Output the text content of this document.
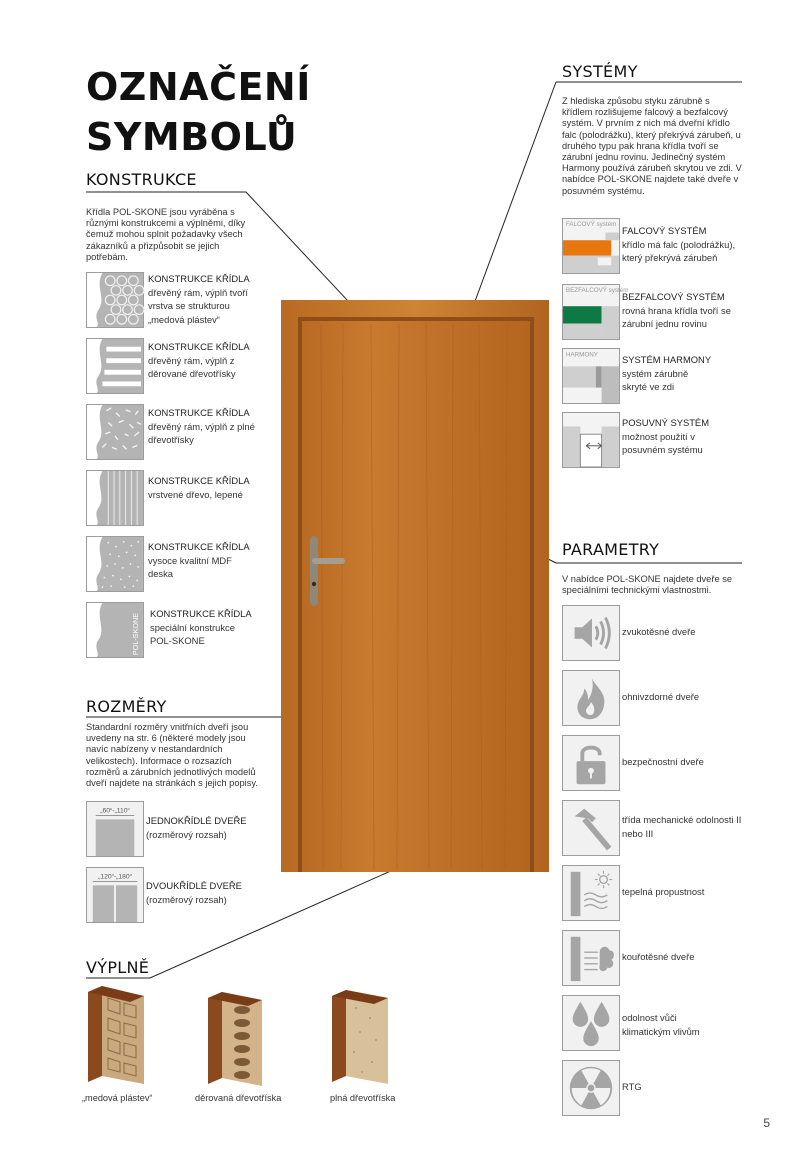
OZNAČENÍ
SYMBOLŮ
KONSTRUKCE
Křídla POL-SKONE jsou vyráběna s různými konstrukcemi a výplněmi, díky čemuž mohou splnit požadavky všech zákazníků a přizpůsobit se jejich potřebám.
KONSTRUKCE KŘÍDLA
dřevěný rám, výplň tvoří vrstva se strukturou „medová plástev“
KONSTRUKCE KŘÍDLA
dřevěný rám, výplň z děrované dřevotřísky
KONSTRUKCE KŘÍDLA
dřevěný rám, výplň z plné dřevotřísky
KONSTRUKCE KŘÍDLA
vrstvené dřevo, lepené
KONSTRUKCE KŘÍDLA
vysoce kvalitní MDF deska
POL-SKONE KONSTRUKCE KŘÍDLA
speciální konstrukce POL-SKONE
ROZMĚRY
Standardní rozměry vnitřních dveří jsou uvedeny na str. 6 (některé modely jsou navíc nabízeny v nestandardních velikostech). Informace o rozsazích rozměrů a zárubních jednotlivých modelů dveří najdete na stránkách s jejich popisy.
„60“-„110“
JEDNOKŘÍDLÉ DVEŘE
(rozměrový rozsah)
„120“-„180“
DVOUKŘÍDLÉ DVEŘE
(rozměrový rozsah)
VÝPLNĚ
„medová plástev“	děrovaná dřevotříska	plná dřevotříska
SYSTÉMY
Z hlediska způsobu styku zárubně s křídlem rozlišujeme falcový a bezfalcový systém. V prvním z nich má dveřní křídlo falc (polodrážku), který překrývá zárubeň, u druhého typu pak hrana křídla tvoří se zárubní jednu rovinu. Jedinečný systém Harmony používá zárubeň skrytou ve zdi. V nabídce POL-SKONE najdete také dveře v posuvném systému.
FALCOVÝ systém
FALCOVÝ SYSTÉM
křídlo má falc (polodrážku), který překrývá zárubeň
BEZFALCOVÝ systém
BEZFALCOVÝ SYSTÉM
rovná hrana křídla tvoří se zárubní jednu rovinu
HARMONY	SYSTÉM HARMONY
systém zárubně skryté ve zdi
POSUVNÝ SYSTÉM
možnost použití v posuvném systému
PARAMETRY
V nabídce POL-SKONE najdete dveře se speciálními technickými vlastnostmi.
zvukotěsné dveře
ohnivzdorné dveře
bezpečnostní dveře
třída mechanické odolnosti II nebo III
tepelná propustnost
kouřotěsné dveře
odolnost vůči klimatickým vlivům
RTG
5
